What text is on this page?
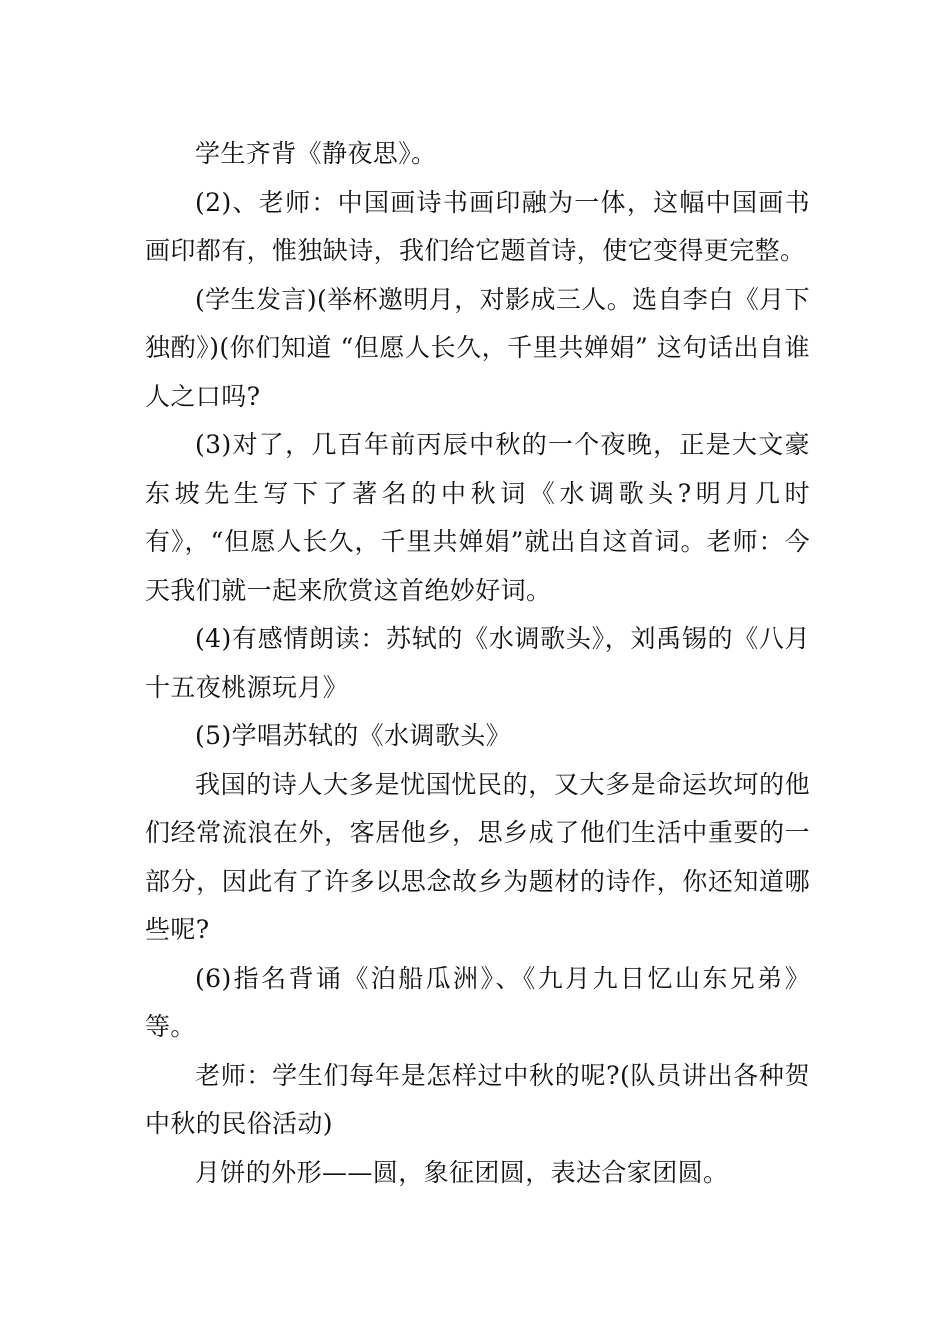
学生齐背《静夜思》。

(2)、老师：中国画诗书画印融为一体，这幅中国画书画印都有，惟独缺诗，我们给它题首诗，使它变得更完整。

(学生发言)(举杯邀明月，对影成三人。选自李白《月下独酌》)(你们知道 “但愿人长久，千里共婵娟” 这句话出自谁人之口吗?

(3)对了，几百年前丙辰中秋的一个夜晚，正是大文豪东坡先生写下了著名的中秋词《水调歌头?明月几时有》，“但愿人长久，千里共婵娟”就出自这首词。老师：今天我们就一起来欣赏这首绝妙好词。

(4)有感情朗读：苏轼的《水调歌头》，刘禹锡的《八月十五夜桃源玩月》

(5)学唱苏轼的《水调歌头》

我国的诗人大多是忧国忧民的，又大多是命运坎坷的他们经常流浪在外，客居他乡，思乡成了他们生活中重要的一部分，因此有了许多以思念故乡为题材的诗作，你还知道哪些呢?

(6)指名背诵《泊船瓜洲》、《九月九日忆山东兄弟》等。

老师：学生们每年是怎样过中秋的呢?(队员讲出各种贺中秋的民俗活动)

月饼的外形——圆，象征团圆，表达合家团圆。
